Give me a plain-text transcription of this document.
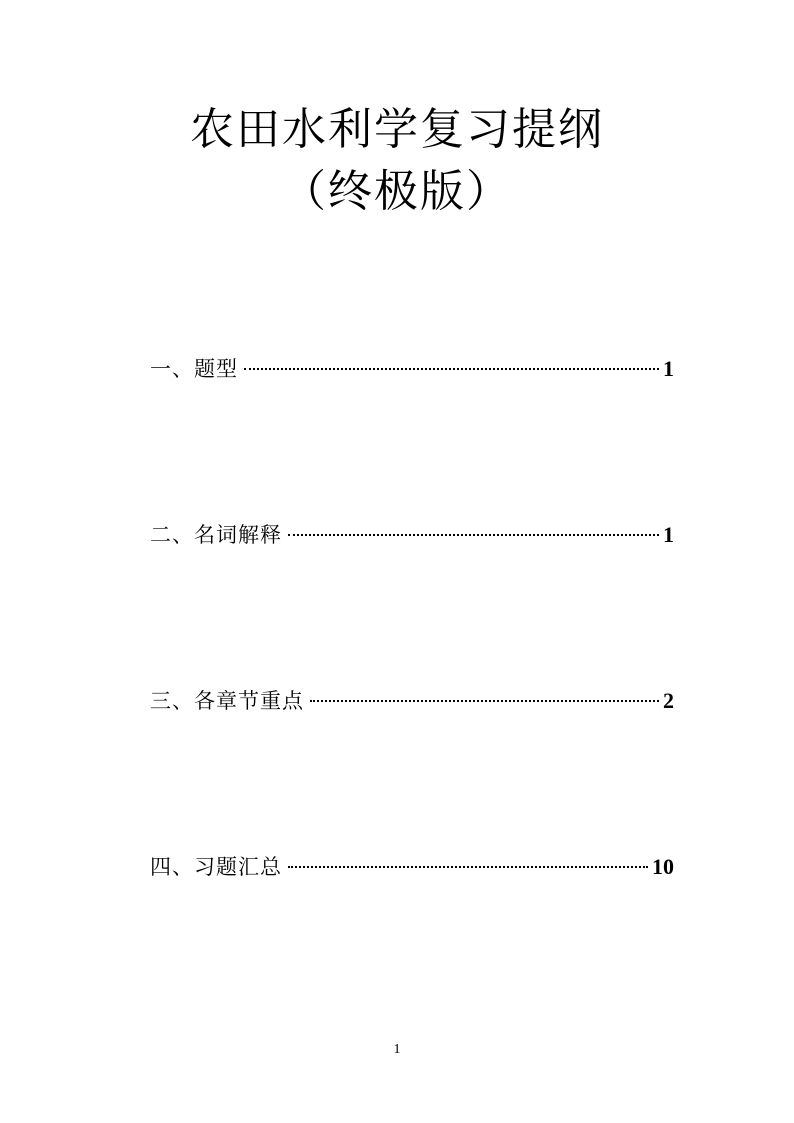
农田水利学复习提纲
（终极版）
一、题型	1
二、名词解释	1
三、各章节重点	2
四、习题汇总	10
1
